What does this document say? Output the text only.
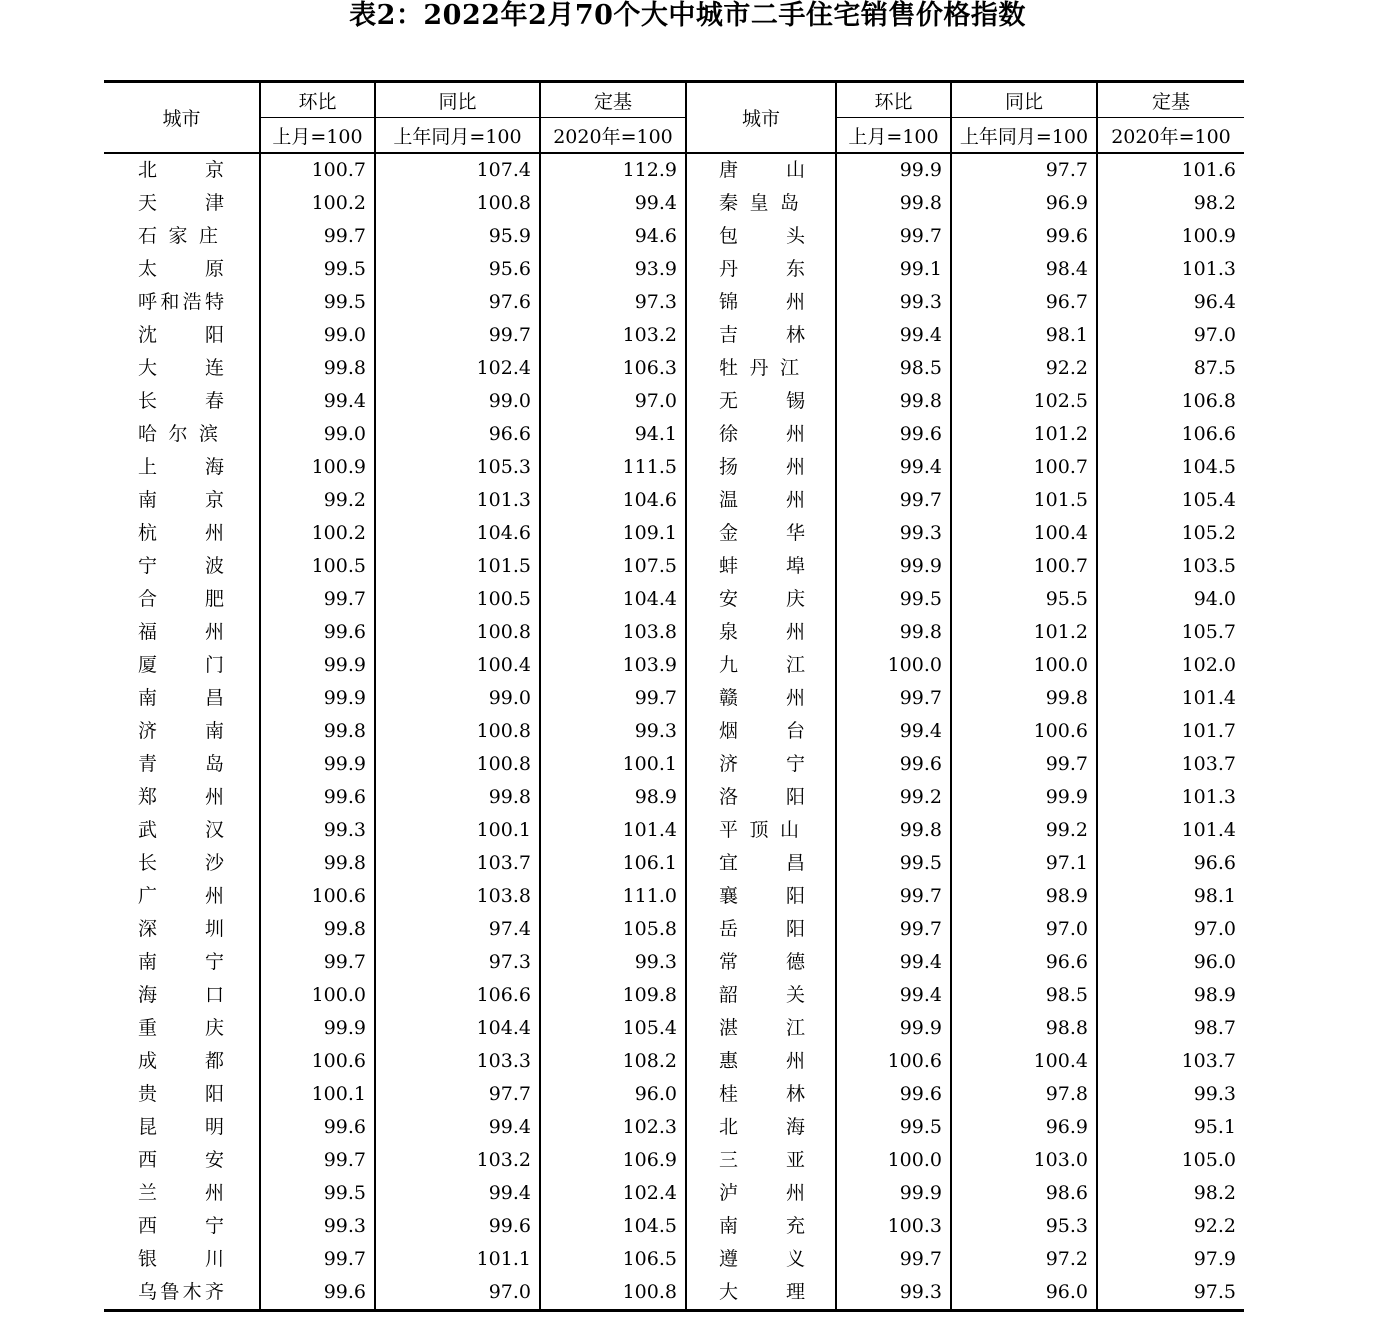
表2：2022年2月70个大中城市二手住宅销售价格指数
城市	环比	同比	定基	城市	环比	同比	定基
	上月=100	上年同月=100	2020年=100		上月=100	上年同月=100	2020年=100
北　京	100.7	107.4	112.9	唐　山	99.9	97.7	101.6
天　津	100.2	100.8	99.4	秦皇岛	99.8	96.9	98.2
石家庄	99.7	95.9	94.6	包　头	99.7	99.6	100.9
太　原	99.5	95.6	93.9	丹　东	99.1	98.4	101.3
呼和浩特	99.5	97.6	97.3	锦　州	99.3	96.7	96.4
沈　阳	99.0	99.7	103.2	吉　林	99.4	98.1	97.0
大　连	99.8	102.4	106.3	牡丹江	98.5	92.2	87.5
长　春	99.4	99.0	97.0	无　锡	99.8	102.5	106.8
哈尔滨	99.0	96.6	94.1	徐　州	99.6	101.2	106.6
上　海	100.9	105.3	111.5	扬　州	99.4	100.7	104.5
南　京	99.2	101.3	104.6	温　州	99.7	101.5	105.4
杭　州	100.2	104.6	109.1	金　华	99.3	100.4	105.2
宁　波	100.5	101.5	107.5	蚌　埠	99.9	100.7	103.5
合　肥	99.7	100.5	104.4	安　庆	99.5	95.5	94.0
福　州	99.6	100.8	103.8	泉　州	99.8	101.2	105.7
厦　门	99.9	100.4	103.9	九　江	100.0	100.0	102.0
南　昌	99.9	99.0	99.7	赣　州	99.7	99.8	101.4
济　南	99.8	100.8	99.3	烟　台	99.4	100.6	101.7
青　岛	99.9	100.8	100.1	济　宁	99.6	99.7	103.7
郑　州	99.6	99.8	98.9	洛　阳	99.2	99.9	101.3
武　汉	99.3	100.1	101.4	平顶山	99.8	99.2	101.4
长　沙	99.8	103.7	106.1	宜　昌	99.5	97.1	96.6
广　州	100.6	103.8	111.0	襄　阳	99.7	98.9	98.1
深　圳	99.8	97.4	105.8	岳　阳	99.7	97.0	97.0
南　宁	99.7	97.3	99.3	常　德	99.4	96.6	96.0
海　口	100.0	106.6	109.8	韶　关	99.4	98.5	98.9
重　庆	99.9	104.4	105.4	湛　江	99.9	98.8	98.7
成　都	100.6	103.3	108.2	惠　州	100.6	100.4	103.7
贵　阳	100.1	97.7	96.0	桂　林	99.6	97.8	99.3
昆　明	99.6	99.4	102.3	北　海	99.5	96.9	95.1
西　安	99.7	103.2	106.9	三　亚	100.0	103.0	105.0
兰　州	99.5	99.4	102.4	泸　州	99.9	98.6	98.2
西　宁	99.3	99.6	104.5	南　充	100.3	95.3	92.2
银　川	99.7	101.1	106.5	遵　义	99.7	97.2	97.9
乌鲁木齐	99.6	97.0	100.8	大　理	99.3	96.0	97.5
